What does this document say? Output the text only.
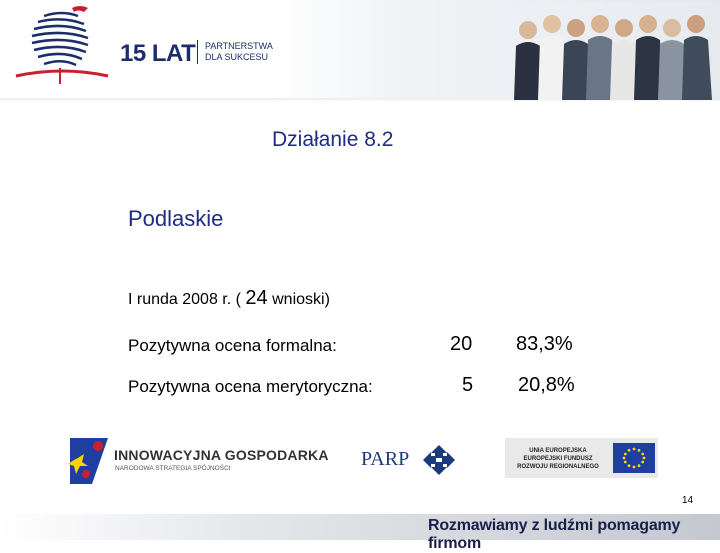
15 LAT PARTNERSTWA
DLA SUKCESU
Działanie 8.2
Podlaskie
I runda 2008 r. ( 24 wnioski)
Pozytywna ocena formalna:	20 83,3%
Pozytywna ocena merytoryczna:	5 20,8%
INNOWACYJNA GOSPODARKA
NARODOWA STRATEGIA SPÓJNOŚCI	PARP	UNIA EUROPEJSKA
EUROPEJSKI FUNDUSZ
ROZWOJU REGIONALNEGO
14
Rozmawiamy z ludźmi pomagamy firmom
